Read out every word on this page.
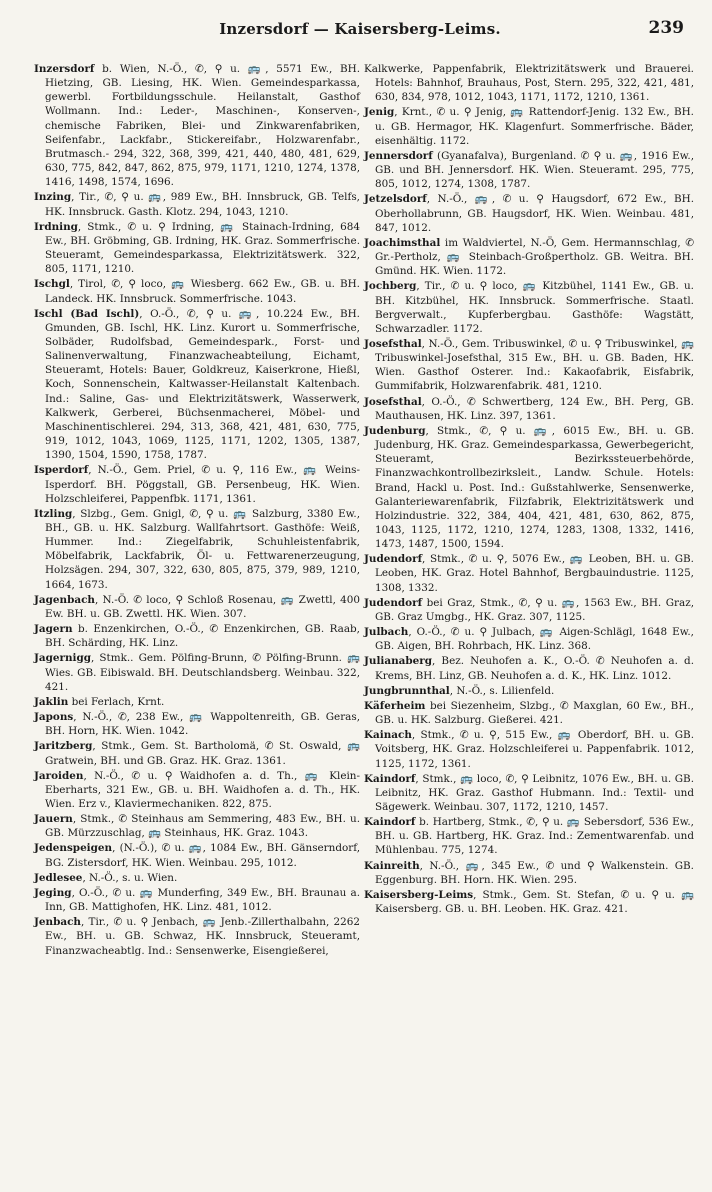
Inzersdorf — Kaisersberg-Leims.	239
Inzersdorf b. Wien, N.-Ö., ✆, ⚲ u. 🚌, 5571 Ew., BH. Hietzing, GB. Liesing, HK. Wien. Gemeindesparkassa, gewerbl. Fortbildungsschule. Heilanstalt, Gasthof Wollmann. Ind.: Leder-, Maschinen-, Konserven-, chemische Fabriken, Blei- und Zinkwarenfabriken, Seifenfabr., Lackfabr., Stickereifabr., Holzwarenfabr., Brutmasch.- 294, 322, 368, 399, 421, 440, 480, 481, 629, 630, 775, 842, 847, 862, 875, 979, 1171, 1210, 1274, 1378, 1416, 1498, 1574, 1696.
Inzing, Tir., ✆, ⚲ u. 🚌, 989 Ew., BH. Innsbruck, GB. Telfs, HK. Innsbruck. Gasth. Klotz. 294, 1043, 1210.
Irdning, Stmk., ✆ u. ⚲ Irdning, 🚌 Stainach-Irdning, 684 Ew., BH. Gröbming, GB. Irdning, HK. Graz. Sommerfrische. Steueramt, Gemeindesparkassa, Elektrizitätswerk. 322, 805, 1171, 1210.
Ischgl, Tirol, ✆, ⚲ loco, 🚌 Wiesberg. 662 Ew., GB. u. BH. Landeck. HK. Innsbruck. Sommerfrische. 1043.
Ischl (Bad Ischl), O.-Ö., ✆, ⚲ u. 🚌, 10.224 Ew., BH. Gmunden, GB. Ischl, HK. Linz. Kurort u. Sommerfrische, Solbäder, Rudolfsbad, Gemeindespark., Forst- und Salinenverwaltung, Finanzwacheabteilung, Eichamt, Steueramt, Hotels: Bauer, Goldkreuz, Kaiserkrone, Hießl, Koch, Sonnenschein, Kaltwasser-Heilanstalt Kaltenbach. Ind.: Saline, Gas- und Elektrizitätswerk, Wasserwerk, Kalkwerk, Gerberei, Büchsenmacherei, Möbel- und Maschinentischlerei. 294, 313, 368, 421, 481, 630, 775, 919, 1012, 1043, 1069, 1125, 1171, 1202, 1305, 1387, 1390, 1504, 1590, 1758, 1787.
Isperdorf, N.-Ö., Gem. Priel, ✆ u. ⚲, 116 Ew., 🚌 Weins-Isperdorf. BH. Pöggstall, GB. Persenbeug, HK. Wien. Holzschleiferei, Pappenfbk. 1171, 1361.
Itzling, Slzbg., Gem. Gnigl, ✆, ⚲ u. 🚌 Salzburg, 3380 Ew., BH., GB. u. HK. Salzburg. Wallfahrtsort. Gasthöfe: Weiß, Hummer. Ind.: Ziegelfabrik, Schuhleistenfabrik, Möbelfabrik, Lackfabrik, Öl- u. Fettwarenerzeugung, Holzsägen. 294, 307, 322, 630, 805, 875, 379, 989, 1210, 1664, 1673.
Jagenbach, N.-Ö. ✆ loco, ⚲ Schloß Rosenau, 🚌 Zwettl, 400 Ew. BH. u. GB. Zwettl. HK. Wien. 307.
Jagern b. Enzenkirchen, O.-Ö., ✆ Enzenkirchen, GB. Raab, BH. Schärding, HK. Linz.
Jagernigg, Stmk.. Gem. Pölfing-Brunn, ✆ Pölfing-Brunn. 🚌 Wies. GB. Eibiswald. BH. Deutschlandsberg. Weinbau. 322, 421.
Jaklin bei Ferlach, Krnt.
Japons, N.-Ö., ✆, 238 Ew., 🚌 Wappoltenreith, GB. Geras, BH. Horn, HK. Wien. 1042.
Jaritzberg, Stmk., Gem. St. Bartholomä, ✆ St. Oswald, 🚌 Gratwein, BH. und GB. Graz. HK. Graz. 1361.
Jaroiden, N.-Ö., ✆ u. ⚲ Waidhofen a. d. Th., 🚌 Klein-Eberharts, 321 Ew., GB. u. BH. Waidhofen a. d. Th., HK. Wien. Erz v., Klaviermechaniken. 822, 875.
Jauern, Stmk., ✆ Steinhaus am Semmering, 483 Ew., BH. u. GB. Mürzzuschlag, 🚌 Steinhaus, HK. Graz. 1043.
Jedenspeigen, (N.-Ö.), ✆ u. 🚌, 1084 Ew., BH. Gänserndorf, BG. Zistersdorf, HK. Wien. Weinbau. 295, 1012.
Jedlesee, N.-Ö., s. u. Wien.
Jeging, O.-Ö., ✆ u. 🚌 Munderfing, 349 Ew., BH. Braunau a. Inn, GB. Mattighofen, HK. Linz. 481, 1012.
Jenbach, Tir., ✆ u. ⚲ Jenbach, 🚌 Jenb.-Zillerthalbahn, 2262 Ew., BH. u. GB. Schwaz, HK. Innsbruck, Steueramt, Finanzwacheabtlg. Ind.: Sensenwerke, Eisengießerei,
Kalkwerke, Pappenfabrik, Elektrizitätswerk und Brauerei. Hotels: Bahnhof, Brauhaus, Post, Stern. 295, 322, 421, 481, 630, 834, 978, 1012, 1043, 1171, 1172, 1210, 1361.
Jenig, Krnt., ✆ u. ⚲ Jenig, 🚌 Rattendorf-Jenig. 132 Ew., BH. u. GB. Hermagor, HK. Klagenfurt. Sommerfrische. Bäder, eisenhältig. 1172.
Jennersdorf (Gyanafalva), Burgenland. ✆ ⚲ u. 🚌, 1916 Ew., GB. und BH. Jennersdorf. HK. Wien. Steueramt. 295, 775, 805, 1012, 1274, 1308, 1787.
Jetzelsdorf, N.-Ö., 🚌, ✆ u. ⚲ Haugsdorf, 672 Ew., BH. Oberhollabrunn, GB. Haugsdorf, HK. Wien. Weinbau. 481, 847, 1012.
Joachimsthal im Waldviertel, N.-Ö, Gem. Hermannschlag, ✆ Gr.-Pertholz, 🚌 Steinbach-Großpertholz. GB. Weitra. BH. Gmünd. HK. Wien. 1172.
Jochberg, Tir., ✆ u. ⚲ loco, 🚌 Kitzbühel, 1141 Ew., GB. u. BH. Kitzbühel, HK. Innsbruck. Sommerfrische. Staatl. Bergverwalt., Kupferbergbau. Gasthöfe: Wagstätt, Schwarzadler. 1172.
Josefsthal, N.-Ö., Gem. Tribuswinkel, ✆ u. ⚲ Tribuswinkel, 🚌 Tribuswinkel-Josefsthal, 315 Ew., BH. u. GB. Baden, HK. Wien. Gasthof Osterer. Ind.: Kakaofabrik, Eisfabrik, Gummifabrik, Holzwarenfabrik. 481, 1210.
Josefsthal, O.-Ö., ✆ Schwertberg, 124 Ew., BH. Perg, GB. Mauthausen, HK. Linz. 397, 1361.
Judenburg, Stmk., ✆, ⚲ u. 🚌, 6015 Ew., BH. u. GB. Judenburg, HK. Graz. Gemeindesparkassa, Gewerbegericht, Steueramt, Bezirkssteuerbehörde, Finanzwachkontrollbezirksleit., Landw. Schule. Hotels: Brand, Hackl u. Post. Ind.: Gußstahlwerke, Sensenwerke, Galanteriewarenfabrik, Filzfabrik, Elektrizitätswerk und Holzindustrie. 322, 384, 404, 421, 481, 630, 862, 875, 1043, 1125, 1172, 1210, 1274, 1283, 1308, 1332, 1416, 1473, 1487, 1500, 1594.
Judendorf, Stmk., ✆ u. ⚲, 5076 Ew., 🚌 Leoben, BH. u. GB. Leoben, HK. Graz. Hotel Bahnhof, Bergbauindustrie. 1125, 1308, 1332.
Judendorf bei Graz, Stmk., ✆, ⚲ u. 🚌, 1563 Ew., BH. Graz, GB. Graz Umgbg., HK. Graz. 307, 1125.
Julbach, O.-Ö., ✆ u. ⚲ Julbach, 🚌 Aigen-Schlägl, 1648 Ew., GB. Aigen, BH. Rohrbach, HK. Linz. 368.
Julianaberg, Bez. Neuhofen a. K., O.-Ö. ✆ Neuhofen a. d. Krems, BH. Linz, GB. Neuhofen a. d. K., HK. Linz. 1012.
Jungbrunnthal, N.-Ö., s. Lilienfeld.
Käferheim bei Siezenheim, Slzbg., ✆ Maxglan, 60 Ew., BH., GB. u. HK. Salzburg. Gießerei. 421.
Kainach, Stmk., ✆ u. ⚲, 515 Ew., 🚌 Oberdorf, BH. u. GB. Voitsberg, HK. Graz. Holzschleiferei u. Pappenfabrik. 1012, 1125, 1172, 1361.
Kaindorf, Stmk., 🚌 loco, ✆, ⚲ Leibnitz, 1076 Ew., BH. u. GB. Leibnitz, HK. Graz. Gasthof Hubmann. Ind.: Textil- und Sägewerk. Weinbau. 307, 1172, 1210, 1457.
Kaindorf b. Hartberg, Stmk., ✆, ⚲ u. 🚌 Sebersdorf, 536 Ew., BH. u. GB. Hartberg, HK. Graz. Ind.: Zementwarenfab. und Mühlenbau. 775, 1274.
Kainreith, N.-Ö., 🚌, 345 Ew., ✆ und ⚲ Walkenstein. GB. Eggenburg. BH. Horn. HK. Wien. 295.
Kaisersberg-Leims, Stmk., Gem. St. Stefan, ✆ u. ⚲ u. 🚌 Kaisersberg. GB. u. BH. Leoben. HK. Graz. 421.
